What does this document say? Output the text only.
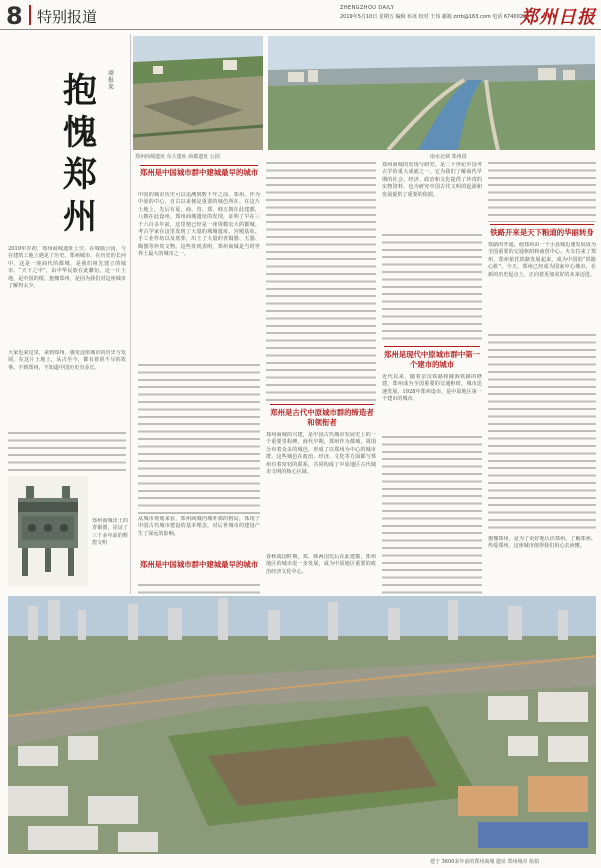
8 特别报道	ZHENGZHOU DAILY
2019年5月10日 星期五 编辑 布冰 校对 王伟 邮箱 zzrb@163.com 电话 67400223
郑州日报
抱愧郑州
商报来
2019年岁初，郑州商城遗址上空，在城墙公园，与在建筑工地上遇见了历史。郑州城市，在历史的长河中，这是一座商代的都城，是我们祖先建立的城市。“天下之中”，由中华民族在此繁衍，这一片土地，是中国的根。抱愧郑州，是因为我们对这座城市了解得太少。
大家也来这里，来到郑州，感受这座城市的历史与发展。在这片土地上，从古至今，都有着说不尽的故事。不到郑州，不知道中国历史有多长。
郑州商城出土的青铜器，见证了三千多年前的辉煌文明
郑州商城遗址 东大遗址 商都遗址 公园	南水北调 郑州段
郑州是中国城市群中建城最早的城市
中国的城市历史可以追溯到数千年之前。郑州，作为中原的中心，自古以来便是重要的城邑所在。在这片土地上，先后有夏、商、管、郑、韩五朝在此建都，八朝在此设州。郑州商城遗址的发现，证明了早在三千六百多年前，这里便已经是一座规模宏大的都城。考古学家在这里发现了大量的城墙遗址、宫殿基址、手工业作坊以及墓葬，出土了大量的青铜器、玉器、陶器等珍贵文物。这些发现表明，郑州商城是当时世界上最大的城市之一。
从城市规划来看，郑州商城内城外郭的格局，体现了中国古代城市建设的基本理念，对后世城市的建设产生了深远的影响。
郑州是中国城市群中建城最早的城市
郑州是古代中原城市群的缔造者和领衔者
郑州商城的兴建，是中国古代城市发展史上的一个重要里程碑。商代早期，郑州作为都城，周围分布着众多的城邑，形成了以郑州为中心的城市群。这些城邑在政治、经济、文化等方面都与郑州有着密切的联系，共同构成了中原地区古代城市文明的核心区域。
春秋战国时期，郑、韩两国先后在此建都，郑州地区的城市进一步发展，成为中原地区重要的政治经济文化中心。
郑州商城的发现与研究，是二十世纪中国考古学的重大成就之一。它为我们了解商代早期的社会、经济、政治和文化提供了珍贵的实物资料，也为研究中国古代文明的起源和发展提供了重要的依据。
郑州是现代中原城市群中第一个建市的城市
近代以来，随着京汉铁路和陇海铁路的修建，郑州成为全国重要的交通枢纽，城市迅速发展。1928年郑州设市，是中原地区第一个建市的城市。
铁路开来是天下粮道的华丽转身
铁路的开通，使郑州由一个小县城迅速发展成为全国重要的交通枢纽和商贸中心。火车拉来了郑州，郑州依托铁路发展起来，成为中国的“铁路心脏”。今天，郑州已经成为国家中心城市，在新的历史起点上，正向着更加美好的未来迈进。
抱愧郑州，是为了更好地认识郑州、了解郑州、热爱郑州。这座城市值得我们用心去读懂。
建于 3600多年前的郑州商城 遗址 郑州城市 航拍
